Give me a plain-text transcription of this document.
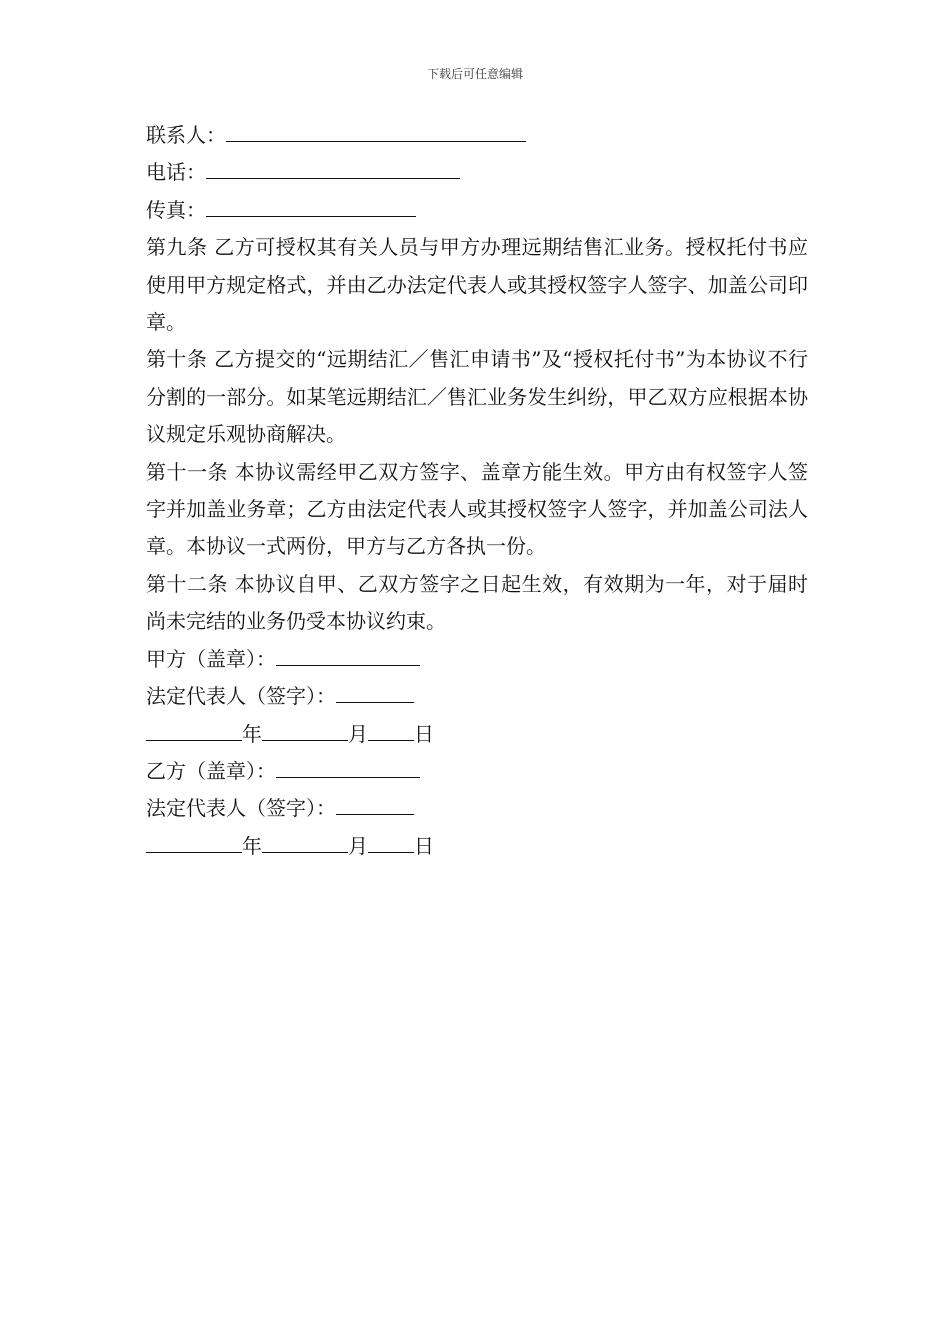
下载后可任意编辑
联系人：
电话：
传真：
第九条 乙方可授权其有关人员与甲方办理远期结售汇业务。授权托付书应使用甲方规定格式，并由乙办法定代表人或其授权签字人签字、加盖公司印章。
第十条 乙方提交的“远期结汇／售汇申请书”及“授权托付书”为本协议不行分割的一部分。如某笔远期结汇／售汇业务发生纠纷，甲乙双方应根据本协议规定乐观协商解决。
第十一条 本协议需经甲乙双方签字、盖章方能生效。甲方由有权签字人签字并加盖业务章；乙方由法定代表人或其授权签字人签字，并加盖公司法人章。本协议一式两份，甲方与乙方各执一份。
第十二条 本协议自甲、乙双方签字之日起生效，有效期为一年，对于届时尚未完结的业务仍受本协议约束。
甲方（盖章）：
法定代表人（签字）：
年	月 日
乙方（盖章）：
法定代表人（签字）：
年	月 日
